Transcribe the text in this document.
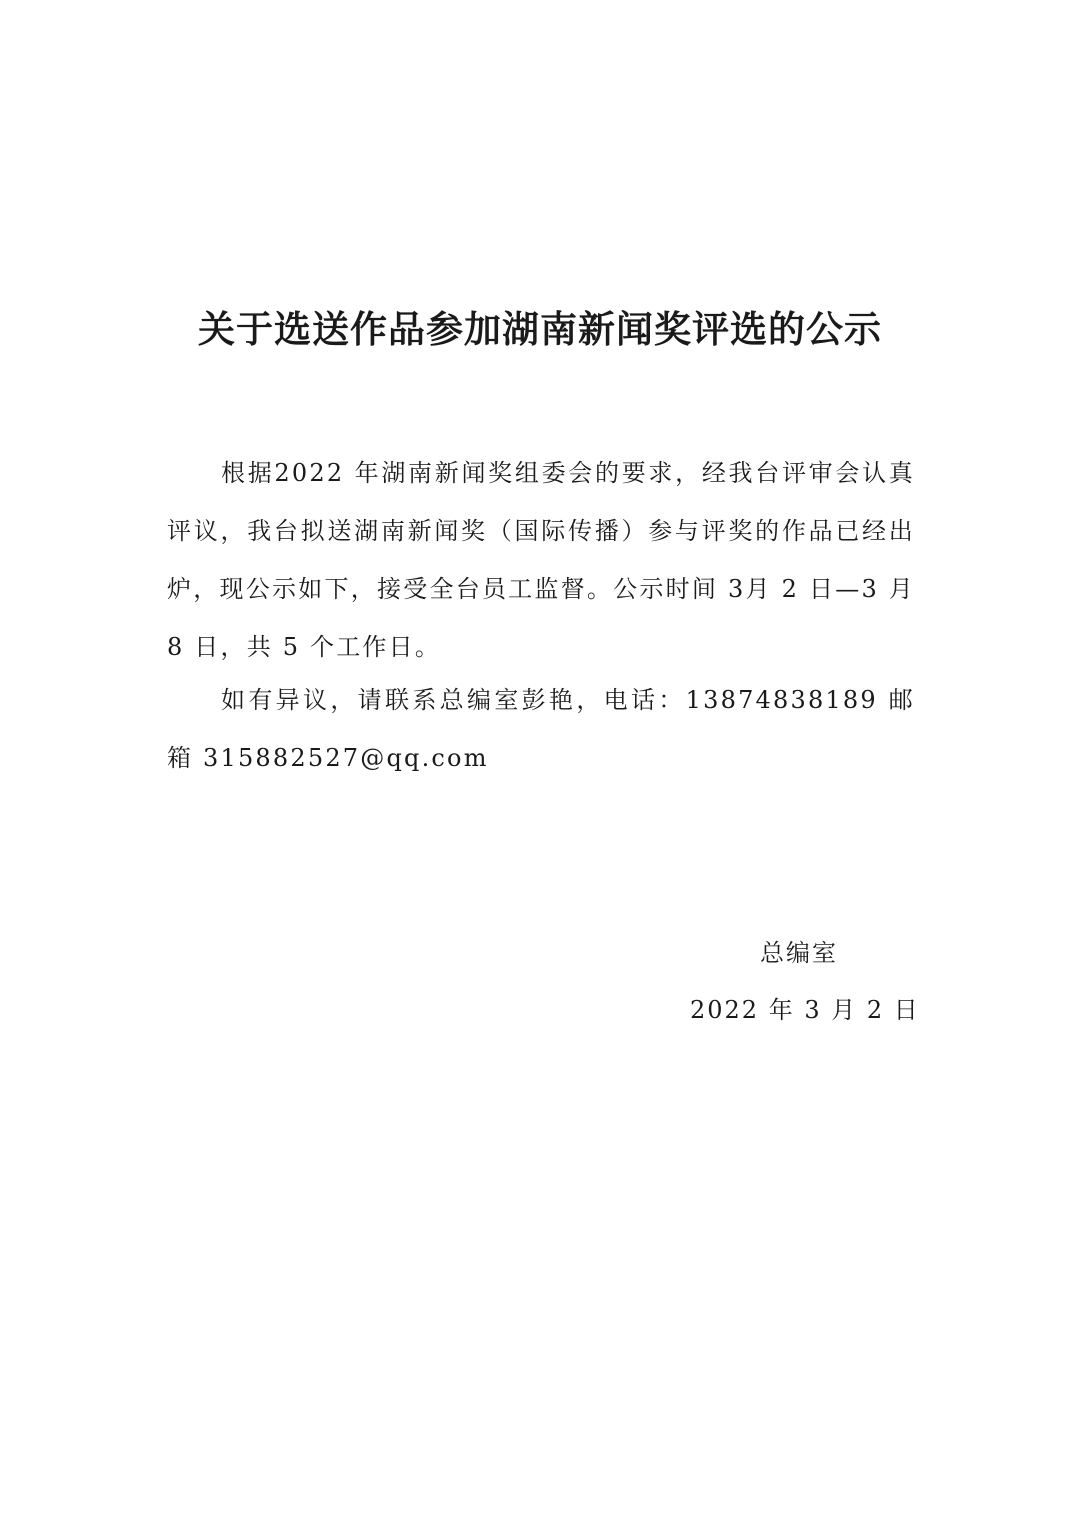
关于选送作品参加湖南新闻奖评选的公示

根据2022 年湖南新闻奖组委会的要求，经我台评审会认真评议，我台拟送湖南新闻奖（国际传播）参与评奖的作品已经出炉，现公示如下，接受全台员工监督。公示时间 3月 2 日—3 月 8 日，共 5 个工作日。

如有异议，请联系总编室彭艳，电话：13874838189 邮箱 315882527@qq.com

总编室

2022 年 3 月 2 日
